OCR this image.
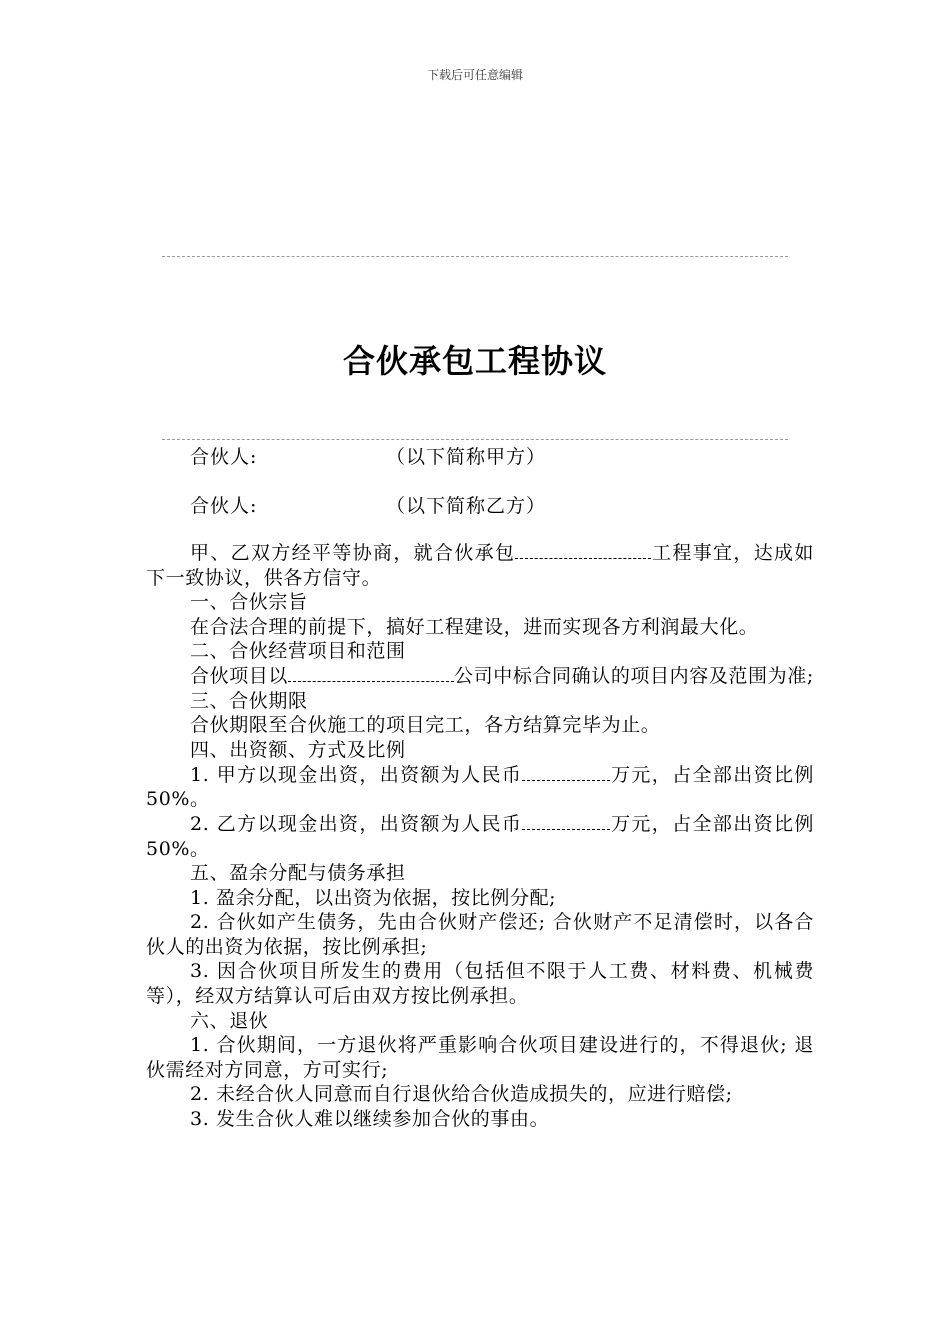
下载后可任意编辑
合伙承包工程协议
合伙人:	（以下简称甲方）
合伙人:	（以下简称乙方）

甲、乙双方经平等协商，就合伙承包	工程事宜，达成如下一致协议，供各方信守。

一、合伙宗旨

在合法合理的前提下，搞好工程建设，进而实现各方利润最大化。

二、合伙经营项目和范围

合伙项目以	公司中标合同确认的项目内容及范围为准;

三、合伙期限

合伙期限至合伙施工的项目完工，各方结算完毕为止。

四、出资额、方式及比例

1. 甲方以现金出资，出资额为人民币	万元，占全部出资比例 50%。

2. 乙方以现金出资，出资额为人民币	万元，占全部出资比例 50%。

五、盈余分配与债务承担

1. 盈余分配，以出资为依据，按比例分配;

2. 合伙如产生债务，先由合伙财产偿还; 合伙财产不足清偿时，以各合伙人的出资为依据，按比例承担;

3. 因合伙项目所发生的费用（包括但不限于人工费、材料费、机械费等），经双方结算认可后由双方按比例承担。

六、退伙

1. 合伙期间，一方退伙将严重影响合伙项目建设进行的，不得退伙; 退伙需经对方同意，方可实行;

2. 未经合伙人同意而自行退伙给合伙造成损失的，应进行赔偿;

3. 发生合伙人难以继续参加合伙的事由。
